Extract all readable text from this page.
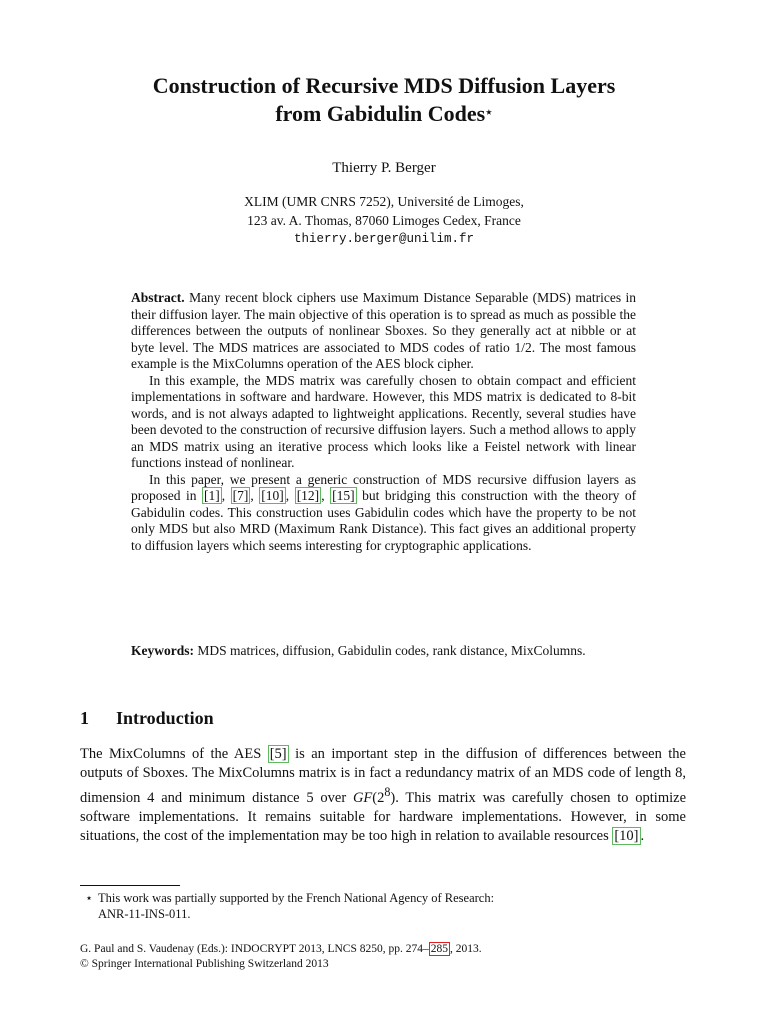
Construction of Recursive MDS Diffusion Layers
from Gabidulin Codes⋆
Thierry P. Berger
XLIM (UMR CNRS 7252), Université de Limoges,
123 av. A. Thomas, 87060 Limoges Cedex, France
thierry.berger@unilim.fr

Abstract. Many recent block ciphers use Maximum Distance Separable (MDS) matrices in their diffusion layer. The main objective of this operation is to spread as much as possible the differences between the outputs of nonlinear Sboxes. So they generally act at nibble or at byte level. The MDS matrices are associated to MDS codes of ratio 1/2. The most famous example is the MixColumns operation of the AES block cipher.

In this example, the MDS matrix was carefully chosen to obtain compact and efficient implementations in software and hardware. However, this MDS matrix is dedicated to 8-bit words, and is not always adapted to lightweight applications. Recently, several studies have been devoted to the construction of recursive diffusion layers. Such a method allows to apply an MDS matrix using an iterative process which looks like a Feistel network with linear functions instead of nonlinear.

In this paper, we present a generic construction of MDS recursive diffusion layers as proposed in [1] , [7] , [10] , [12] , [15] but bridging this construction with the theory of Gabidulin codes. This construction uses Gabidulin codes which have the property to be not only MDS but also MRD (Maximum Rank Distance). This fact gives an additional property to diffusion layers which seems interesting for cryptographic applications.

Keywords: MDS matrices, diffusion, Gabidulin codes, rank distance, MixColumns.
1 Introduction

The MixColumns of the AES [5] is an important step in the diffusion of differences between the outputs of Sboxes. The MixColumns matrix is in fact a redundancy matrix of an MDS code of length 8, dimension 4 and minimum distance 5 over $GF(2^8)$. This matrix was carefully chosen to optimize software implementations. It remains suitable for hardware implementations. However, in some situations, the cost of the implementation may be too high in relation to available resources [10] .

⋆ This work was partially supported by the French National Agency of Research:
ANR-11-INS-011.
G. Paul and S. Vaudenay (Eds.): INDOCRYPT 2013, LNCS 8250, pp. 274– 285 , 2013.
© Springer International Publishing Switzerland 2013
